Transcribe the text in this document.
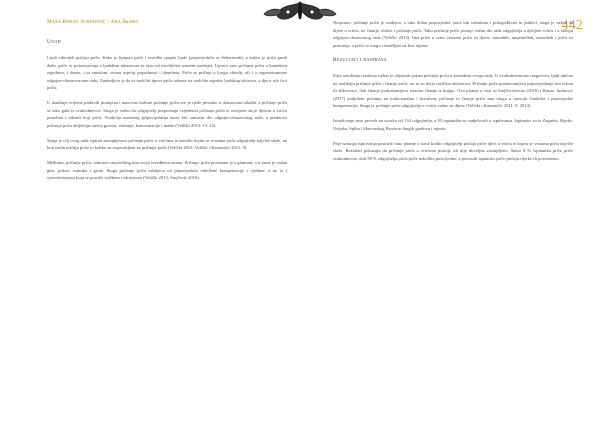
442
Maša Rimac Jurinović / Ana Škaro
Uvod

Ljudi oduvijek pričaju priče. Kako je lijepota priče i izvedbe spajala ljude (pripovjedaču se Šeherezadi), a kakva je priča gradi dušu, priče se poistovjećuju s ljudskim iskustvom (u nizu od tisućljećne usmene predaje). Upravo zato pričanje priča u kontekstu zajednice, i danas, i sa smislom, stvara osjećaj pripadnosti i identiteta. Priče se pričaju u kruga obitelji, ali i u organiziranome odgojno-obrazovnome radu. Zanimljivo je da se različiti tipovi priča odnose na različite aspekte ljudskog iskustva, a djeca uče čuti priču.

U današnje vrijeme prebrzih promjena i masovne kulture pričanje priča sve je rjeđe prisutno u domovima mladih, a pričanje priča se tako gubi iz svakodnevice. Stoga je važno da odgojitelji prepoznaju vrijednost pričanja priča te osvijeste da je djetetu u vrtiću potreban i odrasli koji priča. Tradicija usmenog pripovijedanja mora biti sastavni dio odgojno-obrazovnog rada, a prednosti pričanja priča uključuju razvoj govora, slušanja, koncentracije i mašte (Velički 2013: 13–14).

Stoga je cilj ovog rada ispitati zastupljenost pričanja priča u vrtićima te utvrditi kojim se vrstama priča odgojitelji najviše služe, na koji način pričaju priče te koliko su osposobljeni za pričanje priča (Velički 2013; Velički i Katarinčić 2011: 9).

Međutim, pričanje priča, odnosno storytelling ima svoju izvedbenu stranu. Pričanje priča povezano je s glumom, a u tome je važan glas, pokret, mimika i geste. Stoga pričanje priča zahtijeva od pripovjedača određene kompetencije i vještine, a uz to i vjerodostojnost koja se postiže vježbom i iskustvom (Velički 2013; Stojčević 2016).

Nesporno, pričanje priča je sredstvo, a tako dobar pripovjedač mora biti talentiran i prilagođavati se publici, stoga je važno da dijete u vrtiću, uz čitanje, doživi i pričanje priča. Tako pričanje priča postaje važan dio rada odgojitelja u dječjem vrtiću i u sklopu odgojno-obrazovnog rada (Velički 2013). Ima priča u svim vrstama priča za djecu: narodnih, umjetničkih, autorskih i priča za poticanje, a priče se mogu i izmišljati na licu mjesta.

Rezultati i rasprava

Prije iznošenja rezultata važno je objasniti pojam pričanja priča u kontekstu ovoga rada. U svakodnevnome razgovoru, ljudi obično ne razlikuju pričanje priča i čitanje priča, no to su dvije različite aktivnosti. Pričanje priča podrazumijeva pripovijedanje bez teksta ili slikovnice, dok čitanje podrazumijeva izravno čitanje iz knjige. Ovo pitanje u vezi sa Stojčevićevom (2016) i Rimac Jurinović (2017) podjelom pričanja na tradicionalno i kreativno pričanje te čitanje priča ima ulogu u razvoju čitalačke i pripovjedne kompetencije. Stoga je pričanje priča odgojitelja u vrtiću važno za dijete (Velički i Katarinčić 2011: 9, 2013).

Istraživanje smo proveli na uzorku od 134 odgojitelja, a 95 ispitanika su sudjelovali u ispitivanju. Ispitanici su iz Zagreba, Rijeke, Osijeka, Splita i Slavonskog Broda te drugih gradova i mjesta.

Prije samoga ispitivanja postavili smo pitanje o tome koliko odgojitelji pričaju priče djeci u vrtiću te kojim se vrstama priča najviše služe. Rezultati pokazuju da pričanje priča u vrtićima postoji, ali nije dovoljno zastupljeno. Samo 8 % ispitanika priča priče svakodnevno, dok 58 % odgojitelja priča priče nekoliko puta tjedno, a preostali ispitanici priče pričaju rijetko ili povremeno.
